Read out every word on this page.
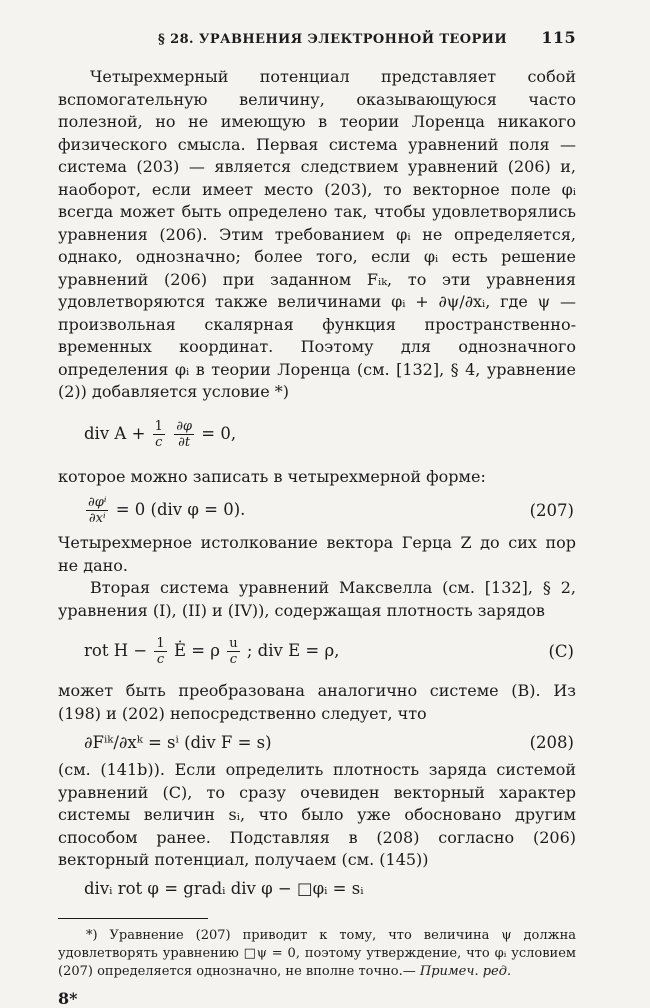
§ 28. УРАВНЕНИЯ ЭЛЕКТРОННОЙ ТЕОРИИ 115

Четырехмерный потенциал представляет собой вспомогательную величину, оказывающуюся часто полезной, но не имеющую в теории Лоренца никакого физического смысла. Первая система уравнений поля — система (203) — является следствием уравнений (206) и, наоборот, если имеет место (203), то векторное поле φᵢ всегда может быть определено так, чтобы удовлетворялись уравнения (206). Этим требованием φᵢ не определяется, однако, однозначно; более того, если φᵢ есть решение уравнений (206) при заданном Fᵢₖ, то эти уравнения удовлетворяются также величинами φᵢ + ∂ψ/∂xᵢ, где ψ — произвольная скалярная функция пространственно-временных координат. Поэтому для однозначного определения φᵢ в теории Лоренца (см. [132], § 4, уравнение (2)) добавляется условие *)

div $A + \frac{1}{c}$
$\frac{\partial\varphi}{\partial t} = 0$,

которое можно записать в четырехмерной форме:

$\frac{\text{∂φⁱ}}{\text{∂xⁱ}} = 0$ (div φ = 0).	(207)

Четырехмерное истолкование вектора Герца Z до сих пор не дано.

Вторая система уравнений Максвелла (см. [132], § 2, уравнения (I), (II) и (IV)), содержащая плотность зарядов

rot $H - \frac{1}{c}$ Ė = ρ $\frac{u}{c}$ ; div E = ρ,	(C)

может быть преобразована аналогично системе (B). Из (198) и (202) непосредственно следует, что

∂Fⁱᵏ/∂xᵏ = sⁱ (div F = s)	(208)

(см. (141b)). Если определить плотность заряда системой уравнений (C), то сразу очевиден векторный характер системы величин sᵢ, что было уже обосновано другим способом ранее. Подставляя в (208) согласно (206) векторный потенциал, получаем (см. (145))

divᵢ rot φ = gradᵢ div φ − □φᵢ = sᵢ

*) Уравнение (207) приводит к тому, что величина ψ должна удовлетворять уравнению □ψ = 0, поэтому утверждение, что φᵢ условием (207) определяется однозначно, не вполне точно.— Примеч. ред.

8*
